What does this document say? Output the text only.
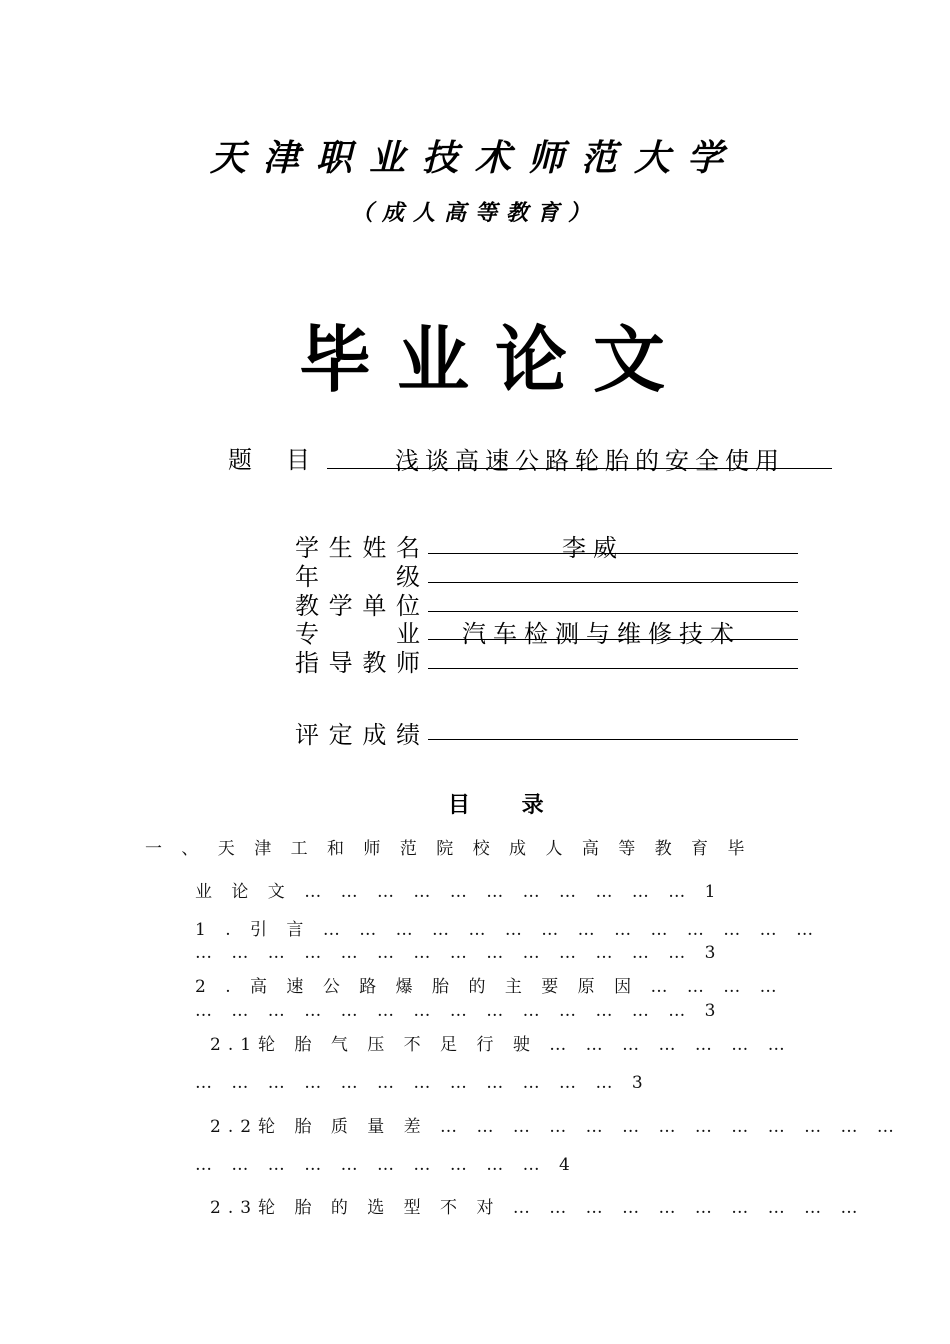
天津职业技术师范大学
（成人高等教育）
毕业论文
题目 浅谈高速公路轮胎的安全使用
学 生 姓 名	李威
年	级
教 学 单 位
专	业 汽车检测与维修技术
指 导 教 师
评 定 成 绩
目 录
一 、 天 津 工 和 师 范 院 校 成 人 高 等 教 育 毕
业 论 文 … … … … … … … … … … … 1
1 . 引 言 … … … … … … … … … … … … … …
… … … … … … … … … … … … … … 3
2 . 高 速 公 路 爆 胎 的 主 要 原 因 … … … …
… … … … … … … … … … … … … … 3
2.1轮 胎 气 压 不 足 行 驶 … … … … … … …
… … … … … … … … … … … … 3
2.2轮 胎 质 量 差 … … … … … … … … … … … … …
… … … … … … … … … … 4
2.3轮 胎 的 选 型 不 对 … … … … … … … … … …
